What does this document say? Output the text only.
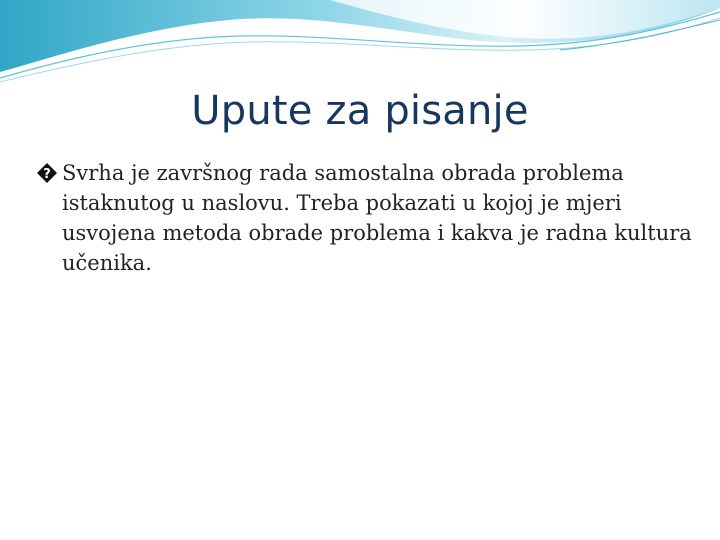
Upute za pisanje

? Svrha je završnog rada samostalna obrada problema istaknutog u naslovu. Treba pokazati u kojoj je mjeri usvojena metoda obrade problema i kakva je radna kultura učenika.
